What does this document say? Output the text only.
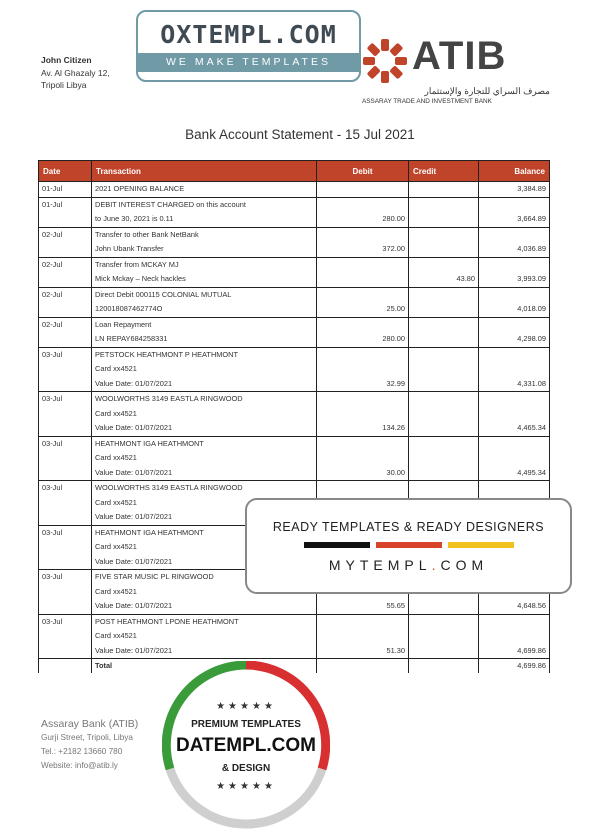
John Citizen
Av. Al Ghazaly 12,
Tripoli Libya
OXTEMPL.COM
WE MAKE TEMPLATES	ATIB
مصرف السراي للتجارة والإستثمار
ASSARAY TRADE AND INVESTMENT BANK
Bank Account Statement - 15 Jul 2021
Date	Transaction	Debit	Credit	Balance

01-Jul	2021 OPENING BALANCE			3,384.89

01-Jul	DEBIT INTEREST CHARGED on this account
to June 30, 2021 is 0.11	280.00		3,664.89

02-Jul	Transfer to other Bank NetBank
John Ubank Transfer	372.00		4,036.89

02-Jul	Transfer from MCKAY MJ
Mick Mckay – Neck hackles		43.80	3,993.09

02-Jul	Direct Debit 000115 COLONIAL MUTUAL
120018087462774O	25.00		4,018.09

02-Jul	Loan Repayment
LN REPAY684258331	280.00		4,298.09

03-Jul	PETSTOCK HEATHMONT P HEATHMONT
Card xx4521
Value Date: 01/07/2021	32.99		4,331.08

03-Jul	WOOLWORTHS 3149 EASTLA RINGWOOD
Card xx4521
Value Date: 01/07/2021	134.26		4,465.34

03-Jul	HEATHMONT IGA HEATHMONT
Card xx4521
Value Date: 01/07/2021	30.00		4,495.34

03-Jul	WOOLWORTHS 3149 EASTLA RINGWOOD
Card xx4521
Value Date: 01/07/2021			

03-Jul	HEATHMONT IGA HEATHMONT
Card xx4521
Value Date: 01/07/2021			

03-Jul	FIVE STAR MUSIC PL RINGWOOD
Card xx4521
Value Date: 01/07/2021	55.65		4,648.56

03-Jul	POST HEATHMONT LPONE HEATHMONT
Card xx4521
Value Date: 01/07/2021	51.30		4,699.86

	Total			4,699.86
READY TEMPLATES & READY DESIGNERS
MYTEMPL.COM
Assaray Bank (ATIB)
Gurji Street, Tripoli, Libya
Tel.: +2182 13660 780
Website: info@atib.ly
★★★★★
PREMIUM TEMPLATES
DATEMPL.COM
& DESIGN
★★★★★
